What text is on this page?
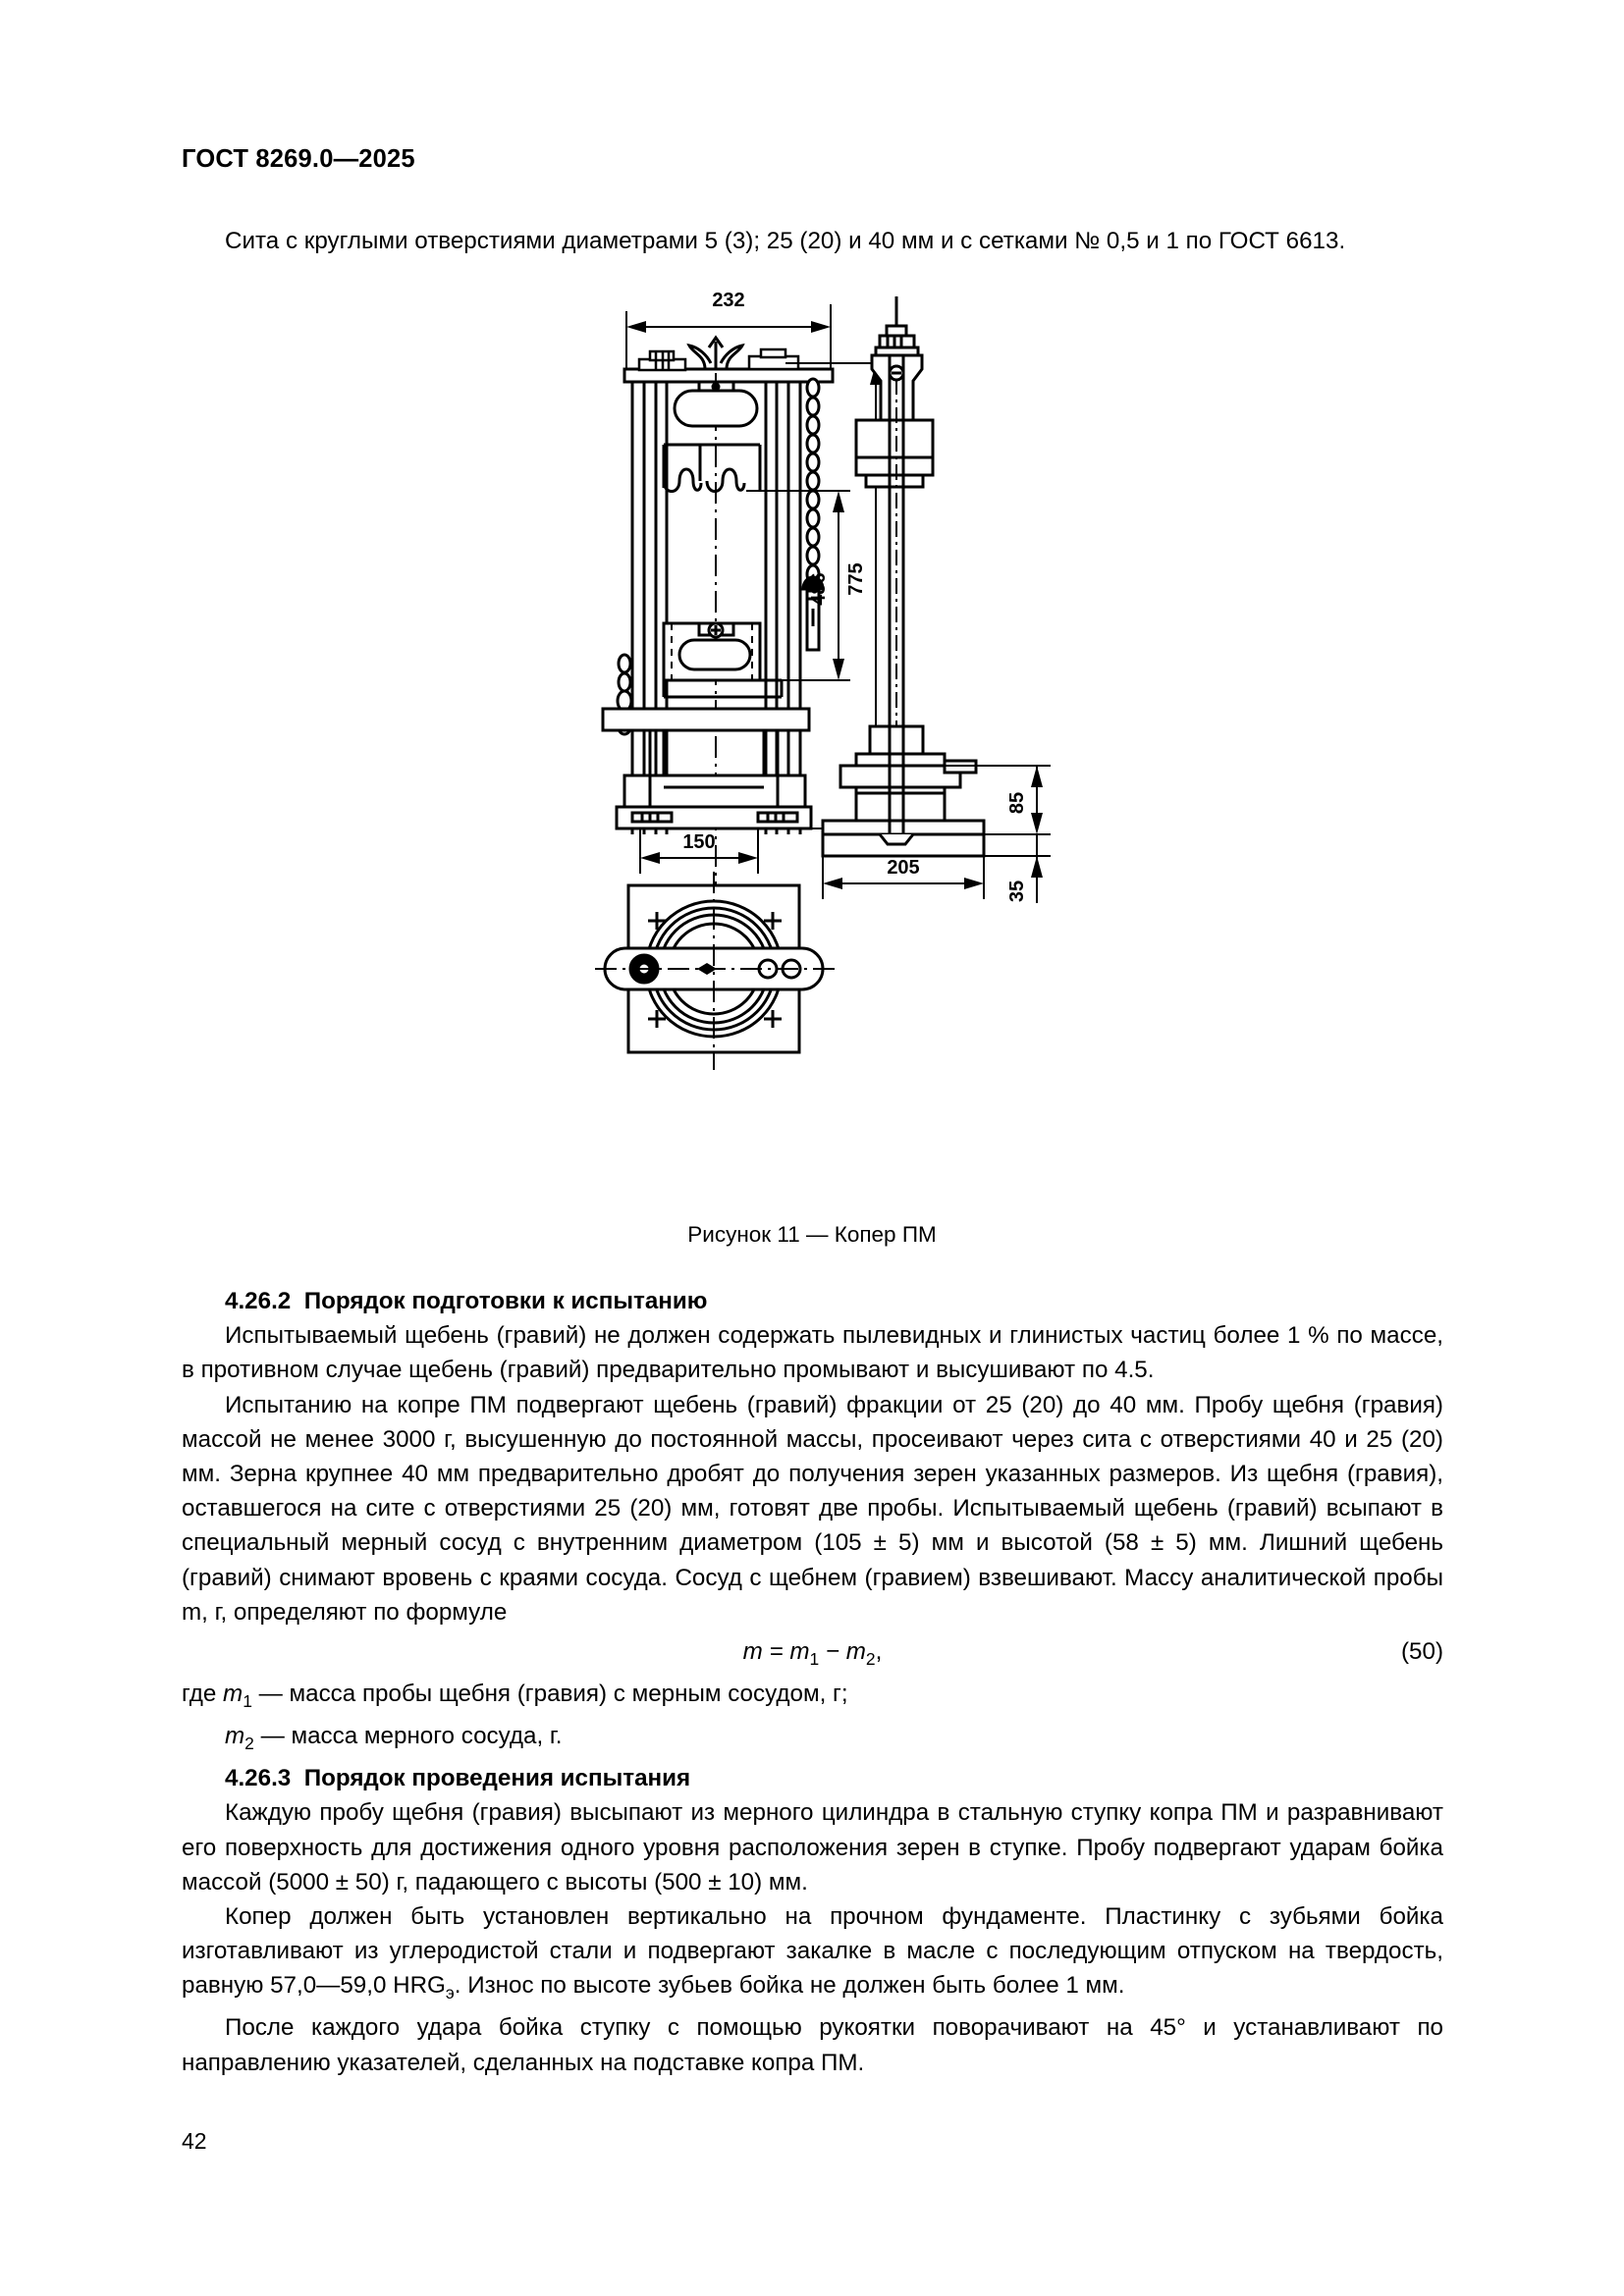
ГОСТ 8269.0—2025

Сита с круглыми отверстиями диаметрами 5 (3); 25 (20) и 40 мм и с сетками № 0,5 и 1 по ГОСТ 6613.

232
486 775
150
85
35
205
Рисунок 11 — Копер ПМ
4.26.2 Порядок подготовки к испытанию

Испытываемый щебень (гравий) не должен содержать пылевидных и глинистых частиц более 1 % по массе, в противном случае щебень (гравий) предварительно промывают и высушивают по 4.5.

Испытанию на копре ПМ подвергают щебень (гравий) фракции от 25 (20) до 40 мм. Пробу щебня (гравия) массой не менее 3000 г, высушенную до постоянной массы, просеивают через сита с отверстиями 40 и 25 (20) мм. Зерна крупнее 40 мм предварительно дробят до получения зерен указанных размеров. Из щебня (гравия), оставшегося на сите с отверстиями 25 (20) мм, готовят две пробы. Испытываемый щебень (гравий) всыпают в специальный мерный сосуд с внутренним диаметром (105 ± 5) мм и высотой (58 ± 5) мм. Лишний щебень (гравий) снимают вровень с краями сосуда. Сосуд с щебнем (гравием) взвешивают. Массу аналитической пробы m, г, определяют по формуле

$m = m_1 - m_2$,	(50)

где $m_1$ — масса пробы щебня (гравия) с мерным сосудом, г;

$m_2$ — масса мерного сосуда, г.

4.26.3 Порядок проведения испытания

Каждую пробу щебня (гравия) высыпают из мерного цилиндра в стальную ступку копра ПМ и разравнивают его поверхность для достижения одного уровня расположения зерен в ступке. Пробу подвергают ударам бойка массой (5000 ± 50) г, падающего с высоты (500 ± 10) мм.

Копер должен быть установлен вертикально на прочном фундаменте. Пластинку с зубьями бойка изготавливают из углеродистой стали и подвергают закалке в масле с последующим отпуском на твердость, равную 57,0—59,0 $HRG_э$. Износ по высоте зубьев бойка не должен быть более 1 мм.

После каждого удара бойка ступку с помощью рукоятки поворачивают на 45° и устанавливают по направлению указателей, сделанных на подставке копра ПМ.

42
